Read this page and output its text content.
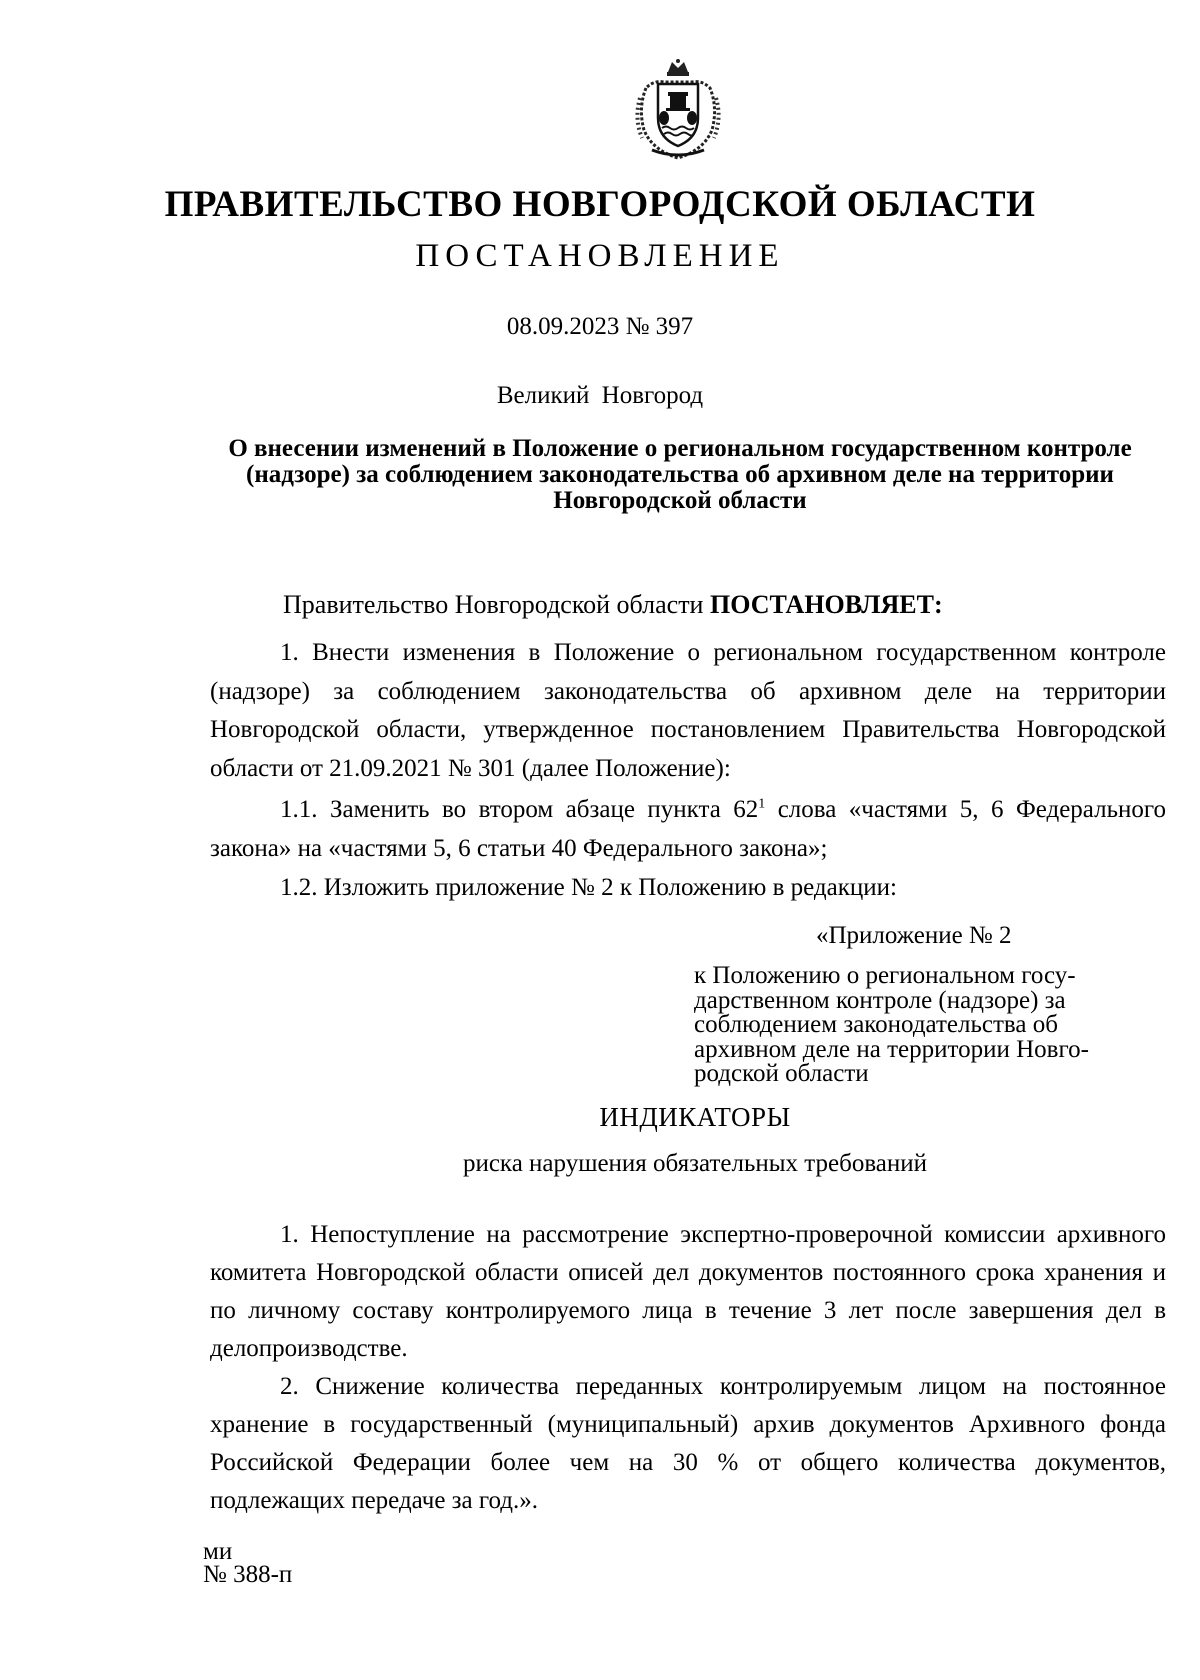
ПРАВИТЕЛЬСТВО НОВГОРОДСКОЙ ОБЛАСТИ
ПОСТАНОВЛЕНИЕ
08.09.2023 № 397
Великий Новгород
О внесении изменений в Положение о региональном государственном контроле (надзоре) за соблюдением законодательства об архивном деле на территории Новгородской области
Правительство Новгородской области ПОСТАНОВЛЯЕТ:
1. Внести изменения в Положение о региональном государственном контроле (надзоре) за соблюдением законодательства об архивном деле на территории Новгородской области, утвержденное постановлением Правительства Новгородской области от 21.09.2021 № 301 (далее Положение):
1.1. Заменить во втором абзаце пункта $62^1$ слова «частями 5, 6 Федерального закона» на «частями 5, 6 статьи 40 Федерального закона»;
1.2. Изложить приложение № 2 к Положению в редакции:
«Приложение № 2
к Положению о региональном госу-
дарственном контроле (надзоре) за
соблюдением законодательства об
архивном деле на территории Новго-
родской области
ИНДИКАТОРЫ
риска нарушения обязательных требований
1. Непоступление на рассмотрение экспертно-проверочной комиссии архивного комитета Новгородской области описей дел документов постоянного срока хранения и по личному составу контролируемого лица в течение 3 лет после завершения дел в делопроизводстве.
2. Снижение количества переданных контролируемым лицом на постоянное хранение в государственный (муниципальный) архив документов Архивного фонда Российской Федерации более чем на 30 % от общего количества документов, подлежащих передаче за год.».
ми
№ 388-п
